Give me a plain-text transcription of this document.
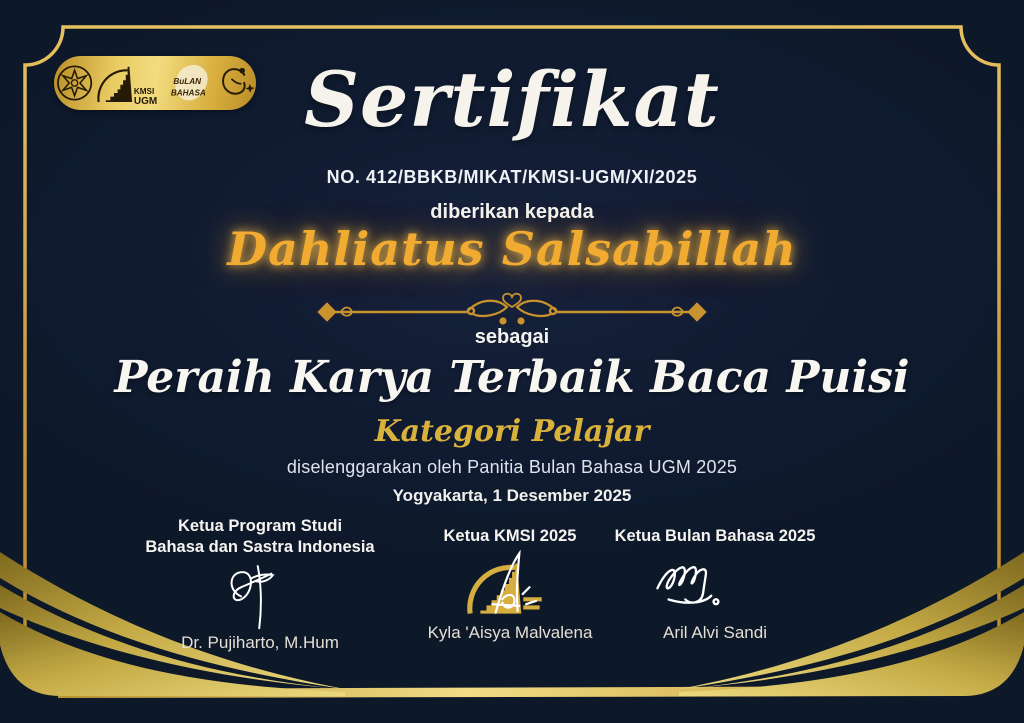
KMSI
UGM
BuLAN
BAHASA	Sertifikat
NO. 412/BBKB/MIKAT/KMSI-UGM/XI/2025
diberikan kepada
Dahliatus Salsabillah
sebagai
Peraih Karya Terbaik Baca Puisi
Kategori Pelajar
diselenggarakan oleh Panitia Bulan Bahasa UGM 2025
Yogyakarta, 1 Desember 2025
Ketua Program Studi
Bahasa dan Sastra Indonesia
Dr. Pujiharto, M.Hum
Ketua KMSI 2025
Kyla 'Aisya Malvalena
Ketua Bulan Bahasa 2025
Aril Alvi Sandi
